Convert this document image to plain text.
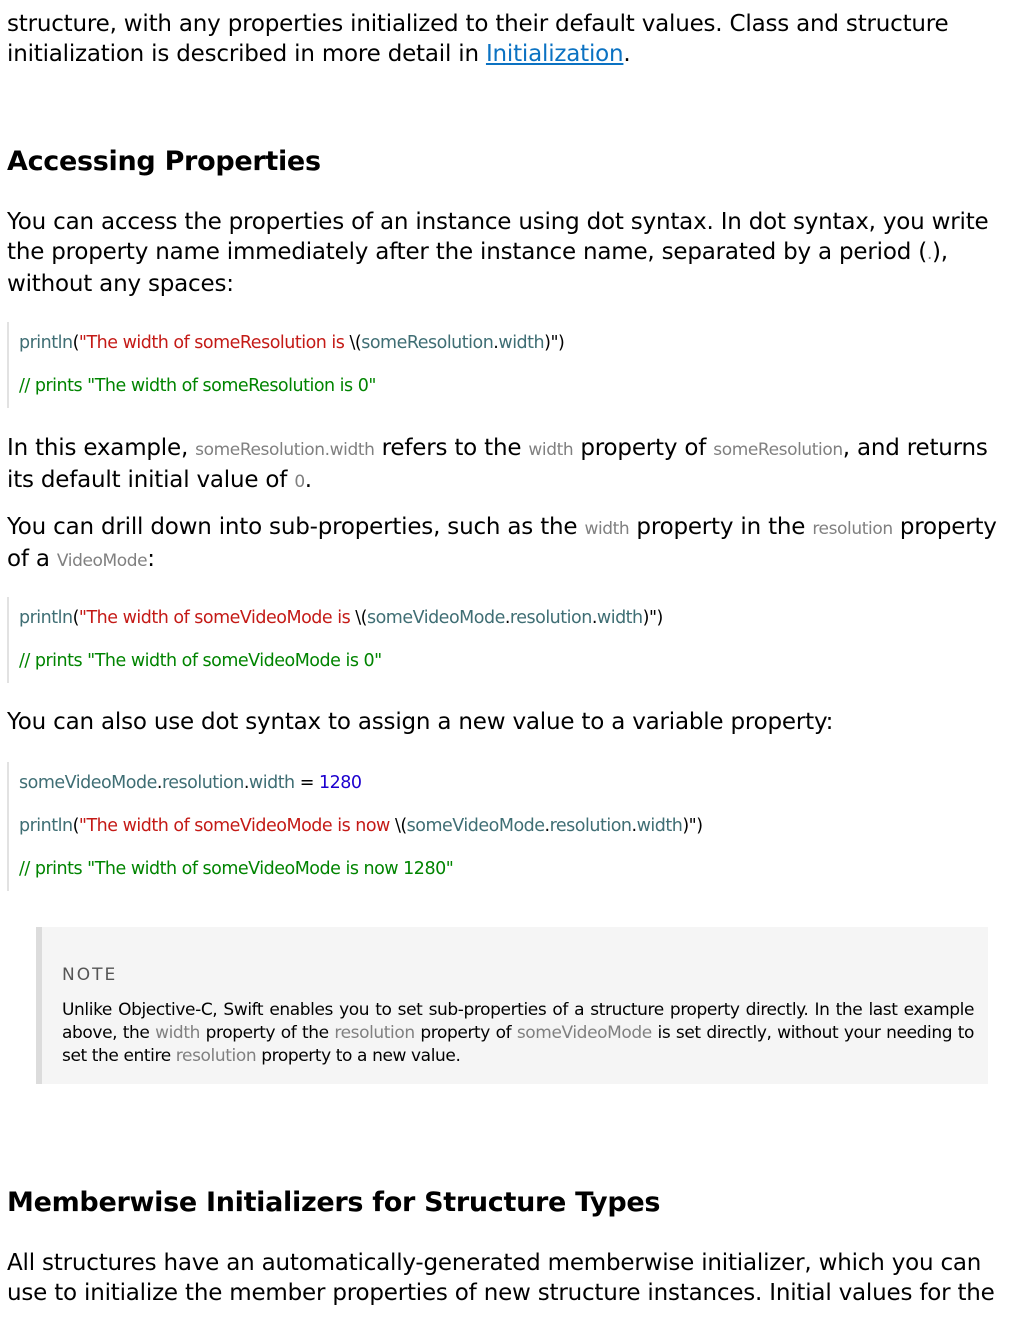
structure, with any properties initialized to their default values. Class and structure initialization is described in more detail in Initialization.

Accessing Properties

You can access the properties of an instance using dot syntax. In dot syntax, you write the property name immediately after the instance name, separated by a period (.), without any spaces:

println("The width of someResolution is \(someResolution.width)")
// prints "The width of someResolution is 0"

In this example, someResolution.width refers to the width property of someResolution, and returns its default initial value of 0.

You can drill down into sub-properties, such as the width property in the resolution property of a VideoMode:

println("The width of someVideoMode is \(someVideoMode.resolution.width)")
// prints "The width of someVideoMode is 0"

You can also use dot syntax to assign a new value to a variable property:

someVideoMode.resolution.width = 1280
println("The width of someVideoMode is now \(someVideoMode.resolution.width)")
// prints "The width of someVideoMode is now 1280"
NOTE
Unlike Objective-C, Swift enables you to set sub-properties of a structure property directly. In the last example above, the width property of the resolution property of someVideoMode is set directly, without your needing to set the entire resolution property to a new value.
Memberwise Initializers for Structure Types

All structures have an automatically-generated memberwise initializer, which you can use to initialize the member properties of new structure instances. Initial values for the
